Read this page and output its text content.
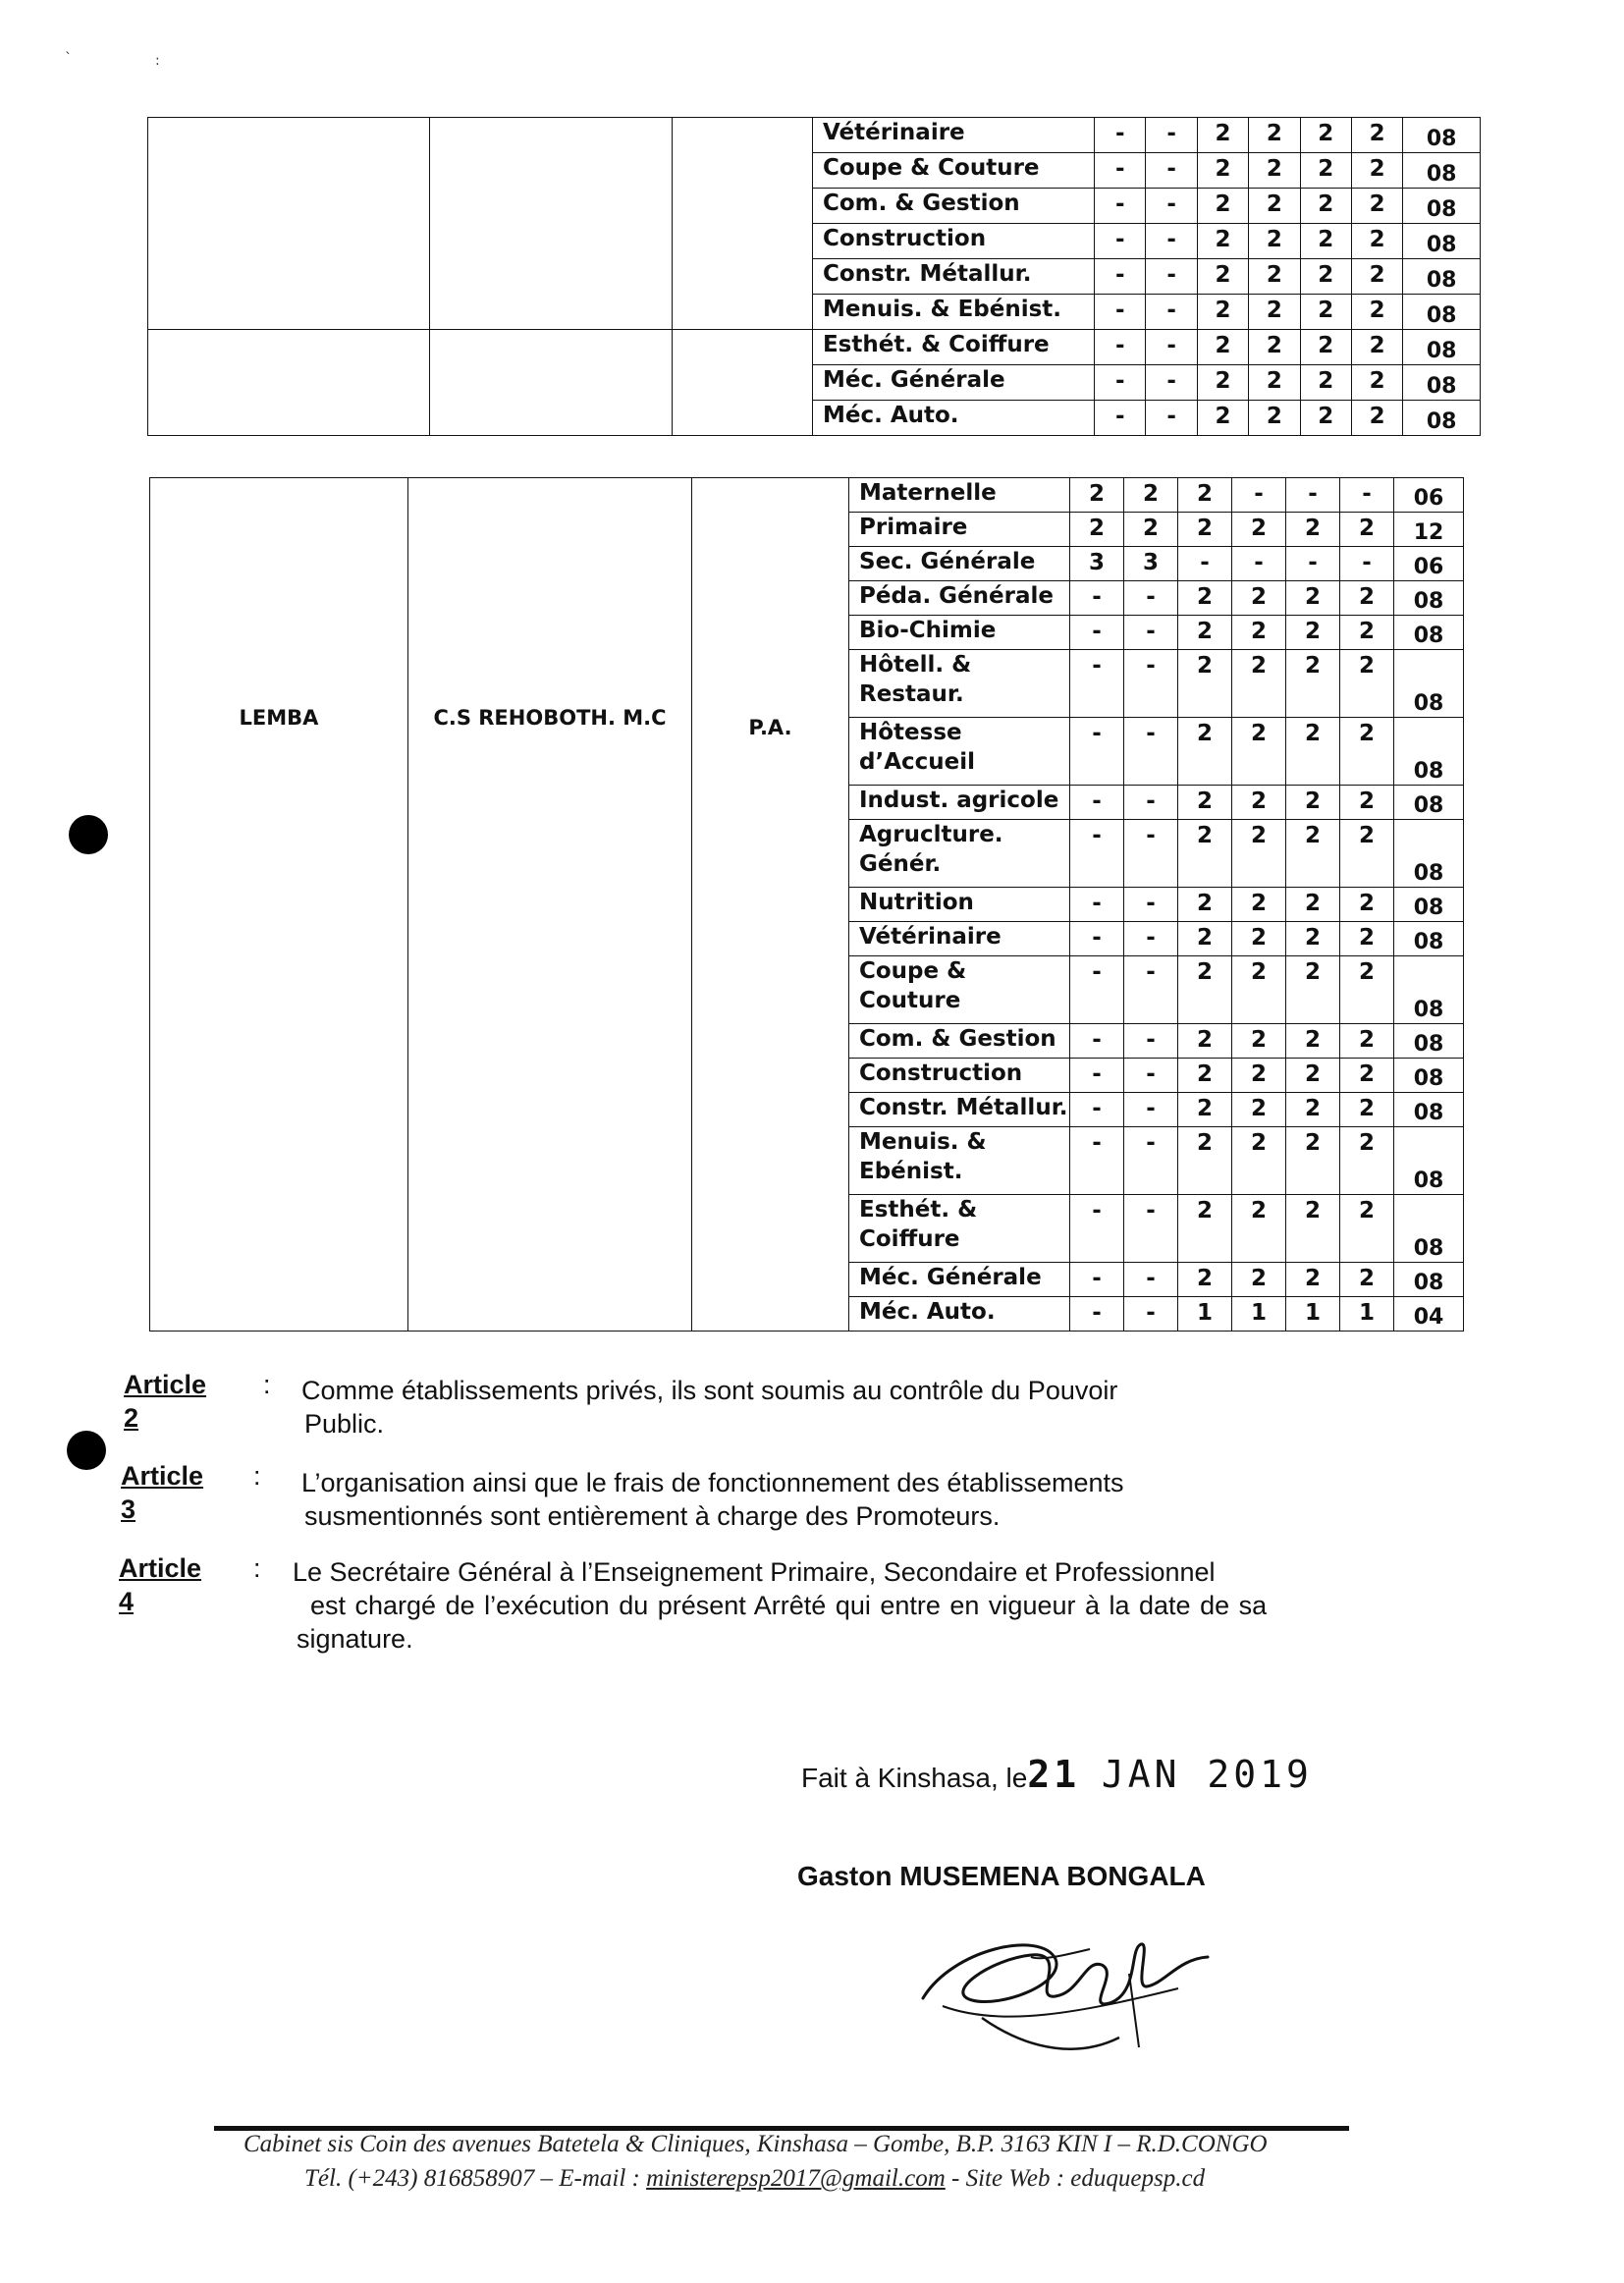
`	:
			Vétérinaire	-	-	2	2	2	2	08
			Coupe & Couture	-	-	2	2	2	2	08
			Com. & Gestion	-	-	2	2	2	2	08
			Construction	-	-	2	2	2	2	08
			Constr. Métallur.	-	-	2	2	2	2	08
			Menuis. & Ebénist.	-	-	2	2	2	2	08
			Esthét. & Coiffure	-	-	2	2	2	2	08
			Méc. Générale	-	-	2	2	2	2	08
			Méc. Auto.	-	-	2	2	2	2	08
LEMBA	C.S REHOBOTH. M.C	P.A.	Maternelle	2	2	2	-	-	-	06

			Primaire	2	2	2	2	2	2	12

			Sec. Générale	3	3	-	-	-	-	06

			Péda. Générale	-	-	2	2	2	2	08

			Bio-Chimie	-	-	2	2	2	2	08

			Hôtell. &
Restaur.	-	-	2	2	2	2	08

			Hôtesse
d’Accueil	-	-	2	2	2	2	08

			Indust. agricole	-	-	2	2	2	2	08

			Agrucltur​e.
Génér.	-	-	2	2	2	2	08

			Nutrition	-	-	2	2	2	2	08

			Vétérinaire	-	-	2	2	2	2	08

			Coupe &
Couture	-	-	2	2	2	2	08

			Com. & Gestion	-	-	2	2	2	2	08

			Construction	-	-	2	2	2	2	08

			Constr. Métallur.	-	-	2	2	2	2	08

			Menuis. &
Ebénist.	-	-	2	2	2	2	08

			Esthét. &
Coiffure	-	-	2	2	2	2	08

			Méc. Générale	-	-	2	2	2	2	08

			Méc. Auto.	-	-	1	1	1	1	04
Article 2
: Comme établissements privés, ils sont soumis au contrôle du Pouvoir
Public.
Article 3
: L’organisation ainsi que le frais de fonctionnement des établissements
susmentionnés sont entièrement à charge des Promoteurs.
Article 4
: Le Secrétaire Général à l’Enseignement Primaire, Secondaire et Professionnel
est chargé de l’exécution du présent Arrêté qui entre en vigueur à la date de sa
signature.
Fait à Kinshasa, le21 JAN 2019
Gaston MUSEMENA BONGALA
Cabinet sis Coin des avenues Batetela & Cliniques, Kinshasa – Gombe, B.P. 3163 KIN I – R.D.CONGO
Tél. (+243) 816858907 – E-mail : ministerepsp2017@gmail.com - Site Web : eduquepsp.cd
